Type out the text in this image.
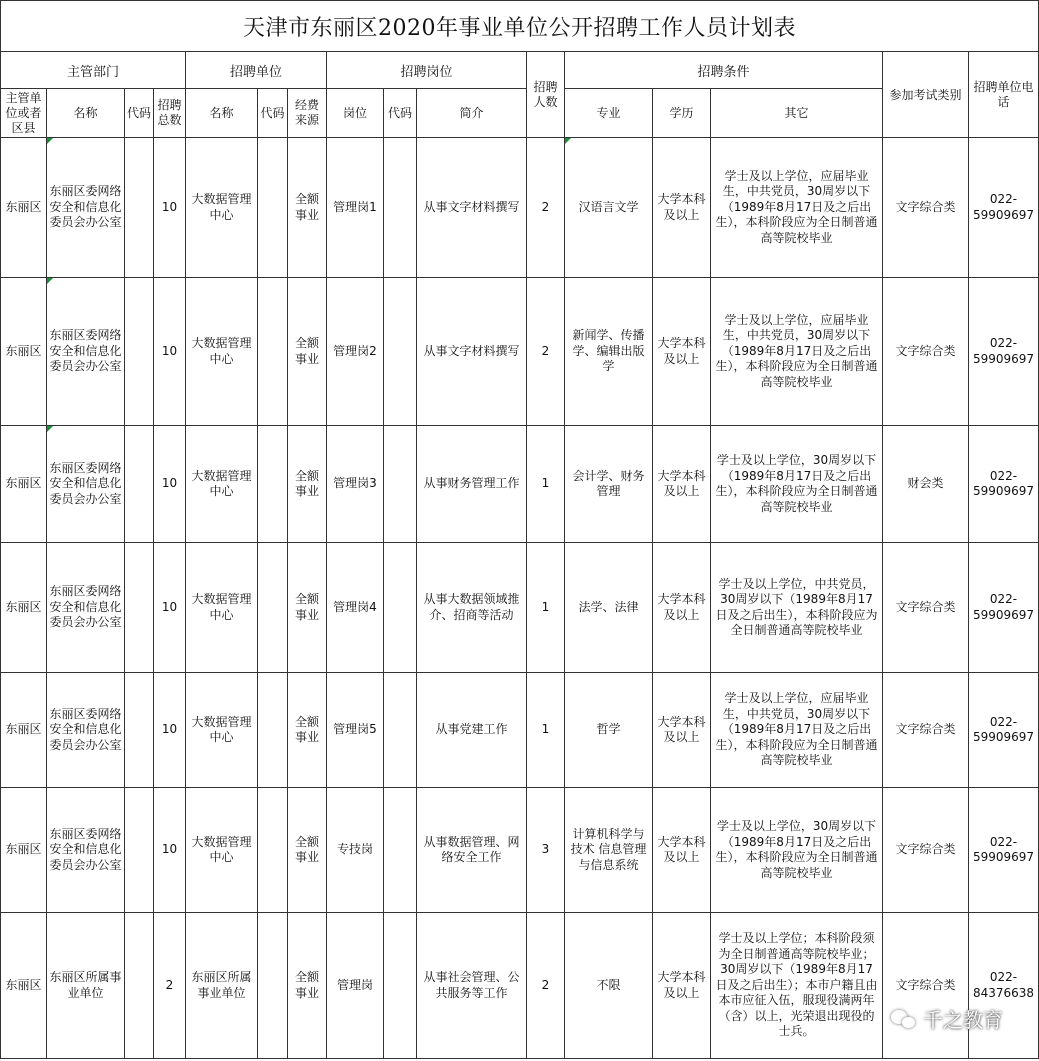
天津市东丽区2020年事业单位公开招聘工作人员计划表															
主管部门				招聘单位			招聘岗位			招聘人数	招聘条件			参加考试类别	招聘单位电话
主管单位或者区县	名称	代码	招聘总数	名称	代码	经费来源	岗位	代码	简介		专业	学历	其它		
东丽区	东丽区委网络安全和信息化委员会办公室		10	大数据管理中心		全额事业	管理岗1		从事文字材料撰写	2	汉语言文学	大学本科及以上	学士及以上学位，应届毕业生，中共党员，30周岁以下（1989年8月17日及之后出生），本科阶段应为全日制普通高等院校毕业	文字综合类	022-59909697
东丽区	东丽区委网络安全和信息化委员会办公室		10	大数据管理中心		全额事业	管理岗2		从事文字材料撰写	2	新闻学、传播学、编辑出版学	大学本科及以上	学士及以上学位，应届毕业生，中共党员，30周岁以下（1989年8月17日及之后出生），本科阶段应为全日制普通高等院校毕业	文字综合类	022-59909697
东丽区	东丽区委网络安全和信息化委员会办公室		10	大数据管理中心		全额事业	管理岗3		从事财务管理工作	1	会计学、财务管理	大学本科及以上	学士及以上学位，30周岁以下（1989年8月17日及之后出生），本科阶段应为全日制普通高等院校毕业	财会类	022-59909697
东丽区	东丽区委网络安全和信息化委员会办公室		10	大数据管理中心		全额事业	管理岗4		从事大数据领域推介、招商等活动	1	法学、法律	大学本科及以上	学士及以上学位，中共党员，30周岁以下（1989年8月17日及之后出生），本科阶段应为全日制普通高等院校毕业	文字综合类	022-59909697
东丽区	东丽区委网络安全和信息化委员会办公室		10	大数据管理中心		全额事业	管理岗5		从事党建工作	1	哲学	大学本科及以上	学士及以上学位，应届毕业生，中共党员，30周岁以下（1989年8月17日及之后出生），本科阶段应为全日制普通高等院校毕业	文字综合类	022-59909697
东丽区	东丽区委网络安全和信息化委员会办公室		10	大数据管理中心		全额事业	专技岗		从事数据管理、网络安全工作	3	计算机科学与技术 信息管理与信息系统	大学本科及以上	学士及以上学位，30周岁以下（1989年8月17日及之后出生），本科阶段应为全日制普通高等院校毕业	文字综合类	022-59909697
东丽区	东丽区所属事业单位		2	东丽区所属事业单位		全额事业	管理岗		从事社会管理、公共服务等工作	2	不限	大学本科及以上	学士及以上学位；本科阶段须为全日制普通高等院校毕业；30周岁以下（1989年8月17日及之后出生）；本市户籍且由本市应征入伍，服现役满两年（含）以上，光荣退出现役的士兵。	文字综合类	022-84376638
千之教育
